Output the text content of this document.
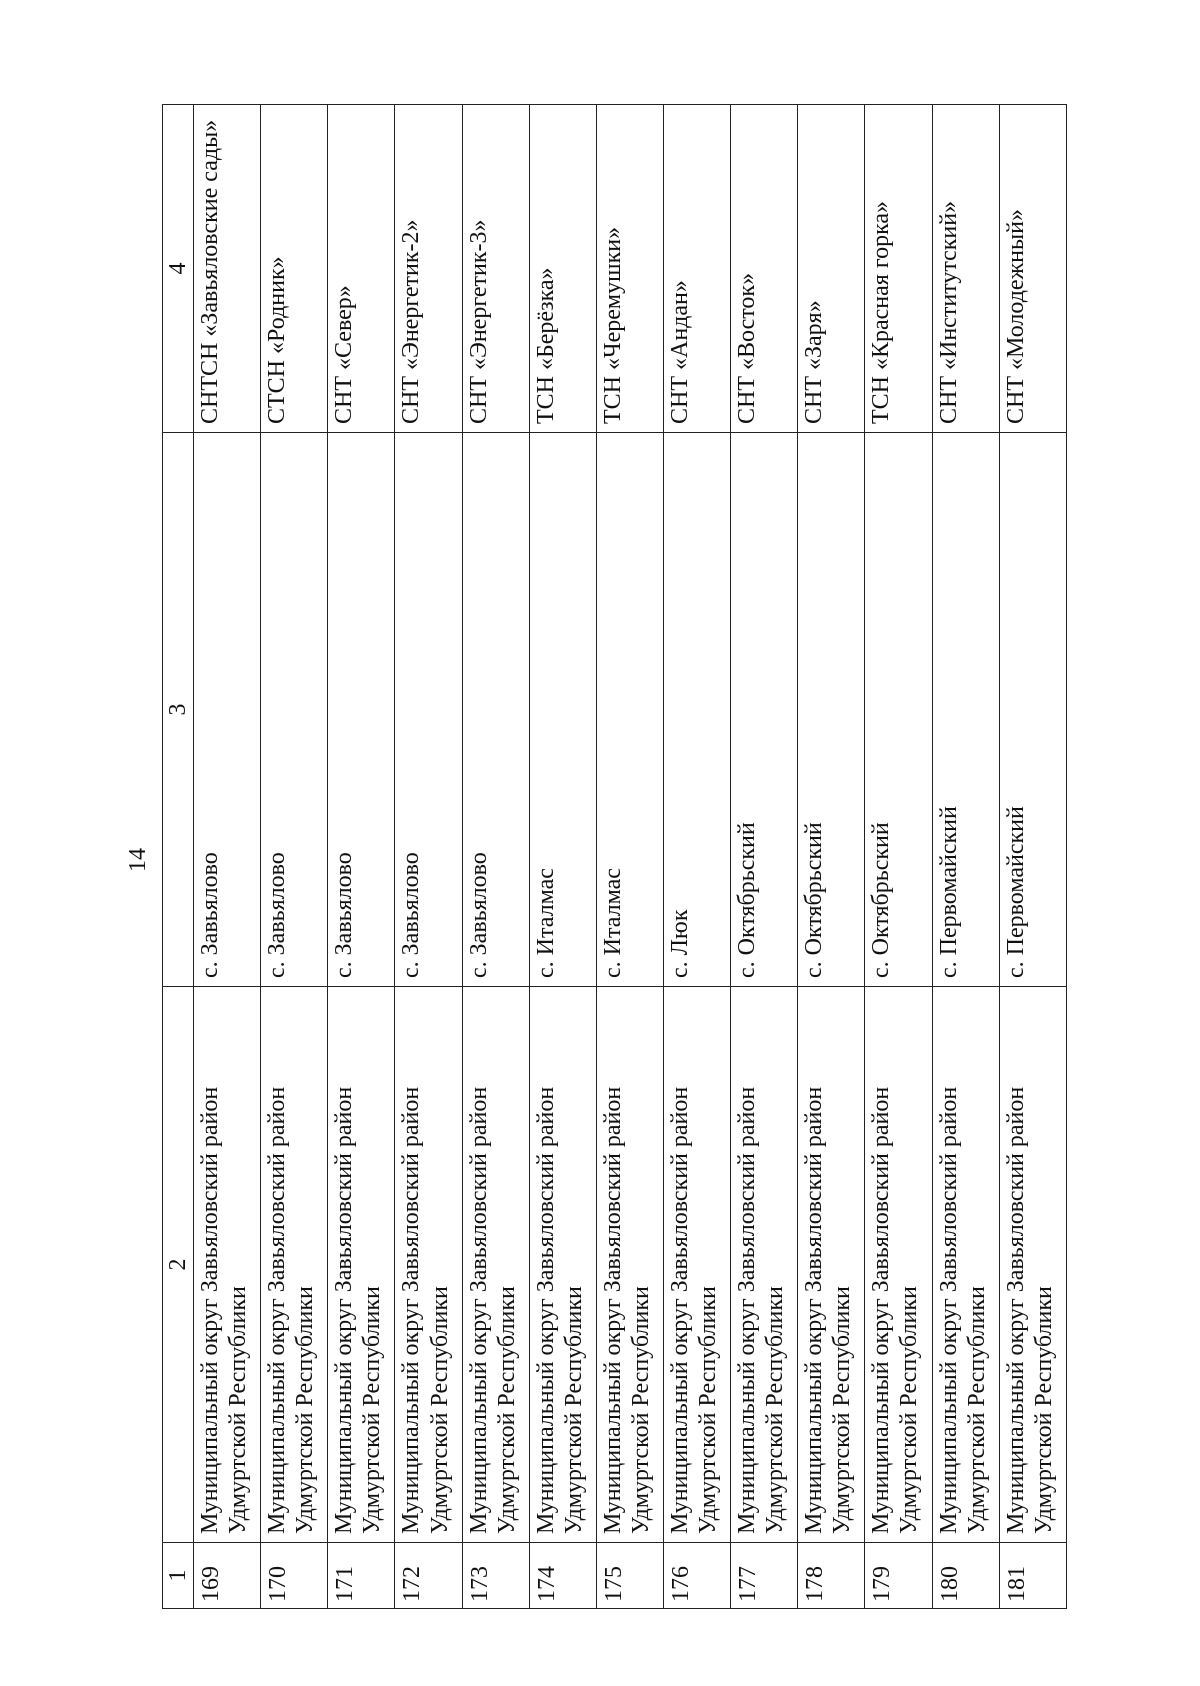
14
1	2	3	4
169	Муниципальный округ Завьяловский район Удмуртской Республики	с. Завьялово	СНТСН «Завьяловские сады»
170	Муниципальный округ Завьяловский район Удмуртской Республики	с. Завьялово	СТСН «Родник»
171	Муниципальный округ Завьяловский район Удмуртской Республики	с. Завьялово	СНТ «Север»
172	Муниципальный округ Завьяловский район Удмуртской Республики	с. Завьялово	СНТ «Энергетик-2»
173	Муниципальный округ Завьяловский район Удмуртской Республики	с. Завьялово	СНТ «Энергетик-3»
174	Муниципальный округ Завьяловский район Удмуртской Республики	с. Италмас	ТСН «Берёзка»
175	Муниципальный округ Завьяловский район Удмуртской Республики	с. Италмас	ТСН «Черемушки»
176	Муниципальный округ Завьяловский район Удмуртской Республики	с. Люк	СНТ «Андан»
177	Муниципальный округ Завьяловский район Удмуртской Республики	с. Октябрьский	СНТ «Восток»
178	Муниципальный округ Завьяловский район Удмуртской Республики	с. Октябрьский	СНТ «Заря»
179	Муниципальный округ Завьяловский район Удмуртской Республики	с. Октябрьский	ТСН «Красная горка»
180	Муниципальный округ Завьяловский район Удмуртской Республики	с. Первомайский	СНТ «Институтский»
181	Муниципальный округ Завьяловский район Удмуртской Республики	с. Первомайский	СНТ «Молодежный»
